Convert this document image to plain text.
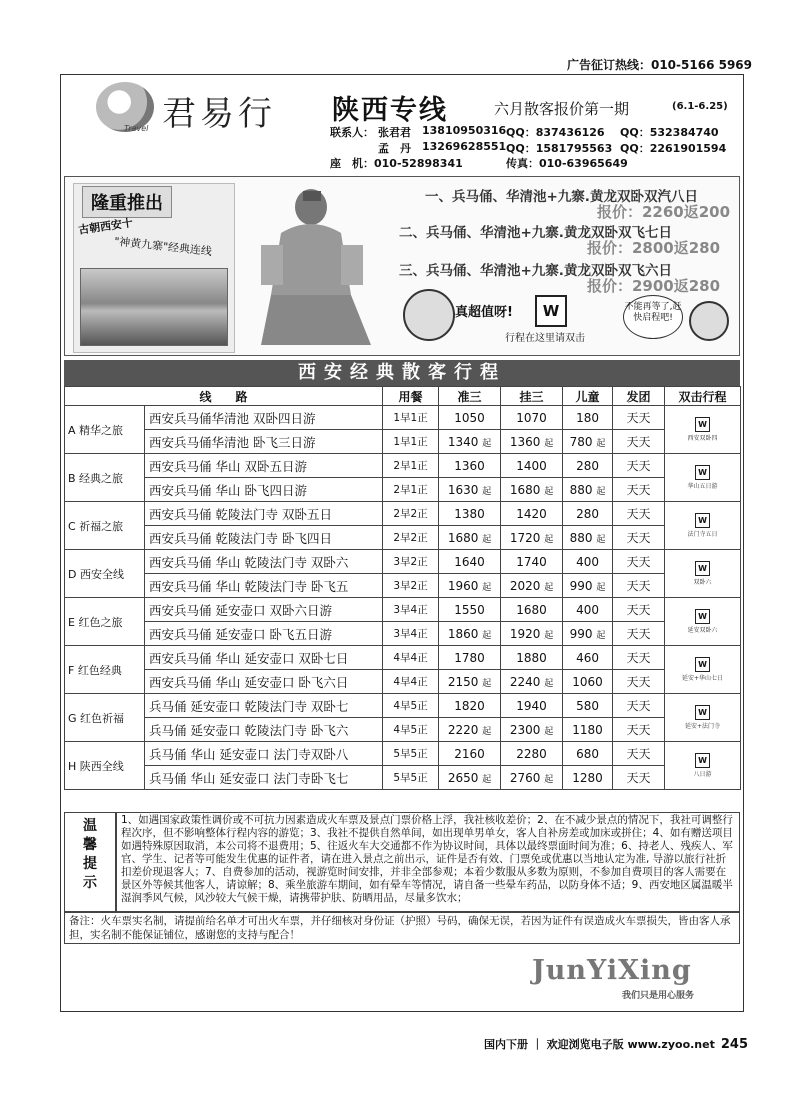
广告征订热线：010-5166 5969
君易行
Travel
陕西专线	六月散客报价第一期	(6.1-6.25)
联系人： 张君君 13810950316 QQ：837436126 QQ：532384740
孟　丹 13269628551 QQ：1581795563 QQ：2261901594
座　机：010-52898341	传真：010-63965649
隆重推出
古朝西安十
"神黄九寨"经典连线
一、兵马俑、华清池+九寨.黄龙双卧双汽八日
报价：2260返200
二、兵马俑、华清池+九寨.黄龙双卧双飞七日
报价：2800返280
三、兵马俑、华清池+九寨.黄龙双卧双飞六日
报价：2900返280
真超值呀!	W
行程在这里请双击
不能再等了,赶快启程吧!
西安经典散客行程
线　　路		用餐	准三	挂三	儿童	发团	双击行程
A 精华之旅	西安兵马俑华清池 双卧四日游	1早1正	1050	1070	180	天天	W
西安双卧四

	西安兵马俑华清池 卧飞三日游	1早1正	1340 起	1360 起	780 起	天天	
B 经典之旅	西安兵马俑 华山 双卧五日游	2早1正	1360	1400	280	天天	W
华山五日游

	西安兵马俑 华山 卧飞四日游	2早1正	1630 起	1680 起	880 起	天天	
C 祈福之旅	西安兵马俑 乾陵法门寺 双卧五日	2早2正	1380	1420	280	天天	W
法门寺五日

	西安兵马俑 乾陵法门寺 卧飞四日	2早2正	1680 起	1720 起	880 起	天天	
D 西安全线	西安兵马俑 华山 乾陵法门寺 双卧六	3早2正	1640	1740	400	天天	W
双卧六

	西安兵马俑 华山 乾陵法门寺 卧飞五	3早2正	1960 起	2020 起	990 起	天天	
E 红色之旅	西安兵马俑 延安壶口 双卧六日游	3早4正	1550	1680	400	天天	W
延安双卧六

	西安兵马俑 延安壶口 卧飞五日游	3早4正	1860 起	1920 起	990 起	天天	
F 红色经典	西安兵马俑 华山 延安壶口 双卧七日	4早4正	1780	1880	460	天天	W
延安+华山七日

	西安兵马俑 华山 延安壶口 卧飞六日	4早4正	2150 起	2240 起	1060	天天	
G 红色祈福	兵马俑 延安壶口 乾陵法门寺 双卧七	4早5正	1820	1940	580	天天	W
延安+法门寺

	兵马俑 延安壶口 乾陵法门寺 卧飞六	4早5正	2220 起	2300 起	1180	天天	
H 陕西全线	兵马俑 华山 延安壶口 法门寺双卧八	5早5正	2160	2280	680	天天	W
八日游

	兵马俑 华山 延安壶口 法门寺卧飞七	5早5正	2650 起	2760 起	1280	天天	
温馨提示
1、如遇国家政策性调价或不可抗力因素造成火车票及景点门票价格上浮，我社核收差价；2、在不减少景点的情况下，我社可调整行程次序，但不影响整体行程内容的游览；3、我社不提供自然单间，如出现单男单女，客人自补房差或加床或拼住；4、如有赠送项目如遇特殊原因取消，本公司将不退费用；5、往返火车大交通都不作为协议时间，具体以最终票面时间为准；6、持老人、残疾人、军官、学生、记者等可能发生优惠的证件者，请在进入景点之前出示，证件是否有效、门票免或优惠以当地认定为准, 导游以旅行社折扣差价现退客人；7、自费参加的活动，视游览时间安排，并非全部参观；本着少数服从多数为原则，不参加自费项目的客人需要在景区外等候其他客人，请谅解；8、乘坐旅游车期间，如有晕车等情况，请自备一些晕车药品，以防身体不适；9、西安地区属温暖半湿润季风气候，风沙较大气候干燥，请携带护肤、防晒用品，尽量多饮水；
备注：火车票实名制，请提前给名单才可出火车票，并仔细核对身份证（护照）号码，确保无误，若因为证件有误造成火车票损失，皆由客人承担，实名制不能保证铺位，感谢您的支持与配合！
JunYiXing
我们只是用心服务
国内下册 ｜ 欢迎浏览电子版 www.zyoo.net 245
